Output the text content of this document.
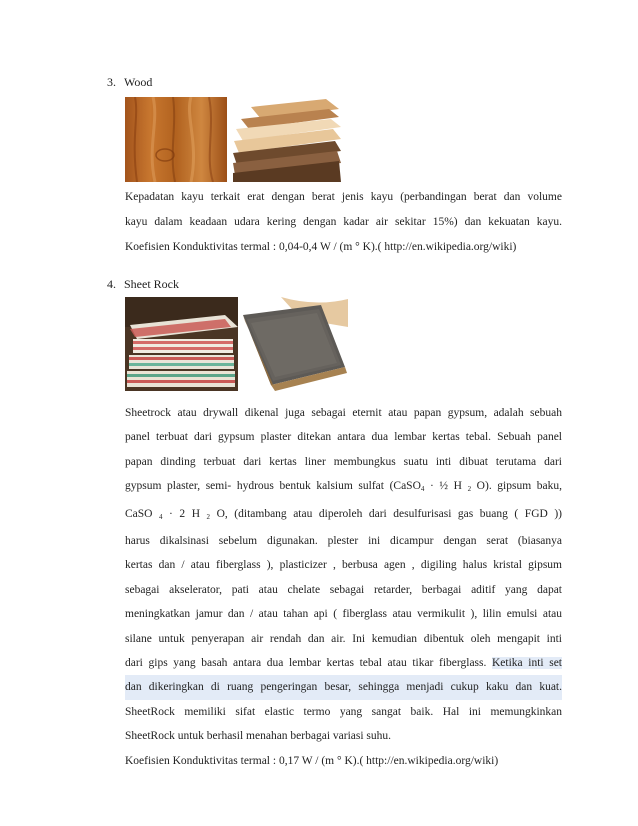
3. Wood
Kepadatan kayu terkait erat dengan berat jenis kayu (perbandingan berat dan volume
kayu dalam keadaan udara kering dengan kadar air sekitar 15%) dan kekuatan kayu.
Koefisien Konduktivitas termal : 0,04-0,4 W / (m ° K).( http://en.wikipedia.org/wiki)
4. Sheet Rock
Sheetrock atau drywall dikenal juga sebagai eternit atau papan gypsum, adalah sebuah
panel terbuat dari gypsum plaster ditekan antara dua lembar kertas tebal. Sebuah panel
papan dinding terbuat dari kertas liner membungkus suatu inti dibuat terutama dari
gypsum plaster, semi- hydrous bentuk kalsium sulfat (CaSO$_4$ · ½ H $_2$ O). gipsum baku,
CaSO $_4$ · 2 H $_2$ O, (ditambang atau diperoleh dari desulfurisasi gas buang ( FGD ))
harus dikalsinasi sebelum digunakan. plester ini dicampur dengan serat (biasanya
kertas dan / atau fiberglass ), plasticizer , berbusa agen , digiling halus kristal gipsum
sebagai akselerator, pati atau chelate sebagai retarder, berbagai aditif yang dapat
meningkatkan jamur dan / atau tahan api ( fiberglass atau vermikulit ), lilin emulsi atau
silane untuk penyerapan air rendah dan air. Ini kemudian dibentuk oleh mengapit inti
dari gips yang basah antara dua lembar kertas tebal atau tikar fiberglass. Ketika inti set
dan dikeringkan di ruang pengeringan besar, sehingga menjadi cukup kaku dan kuat.
SheetRock memiliki sifat elastic termo yang sangat baik. Hal ini memungkinkan
SheetRock untuk berhasil menahan berbagai variasi suhu.
Koefisien Konduktivitas termal : 0,17 W / (m ° K).( http://en.wikipedia.org/wiki)
